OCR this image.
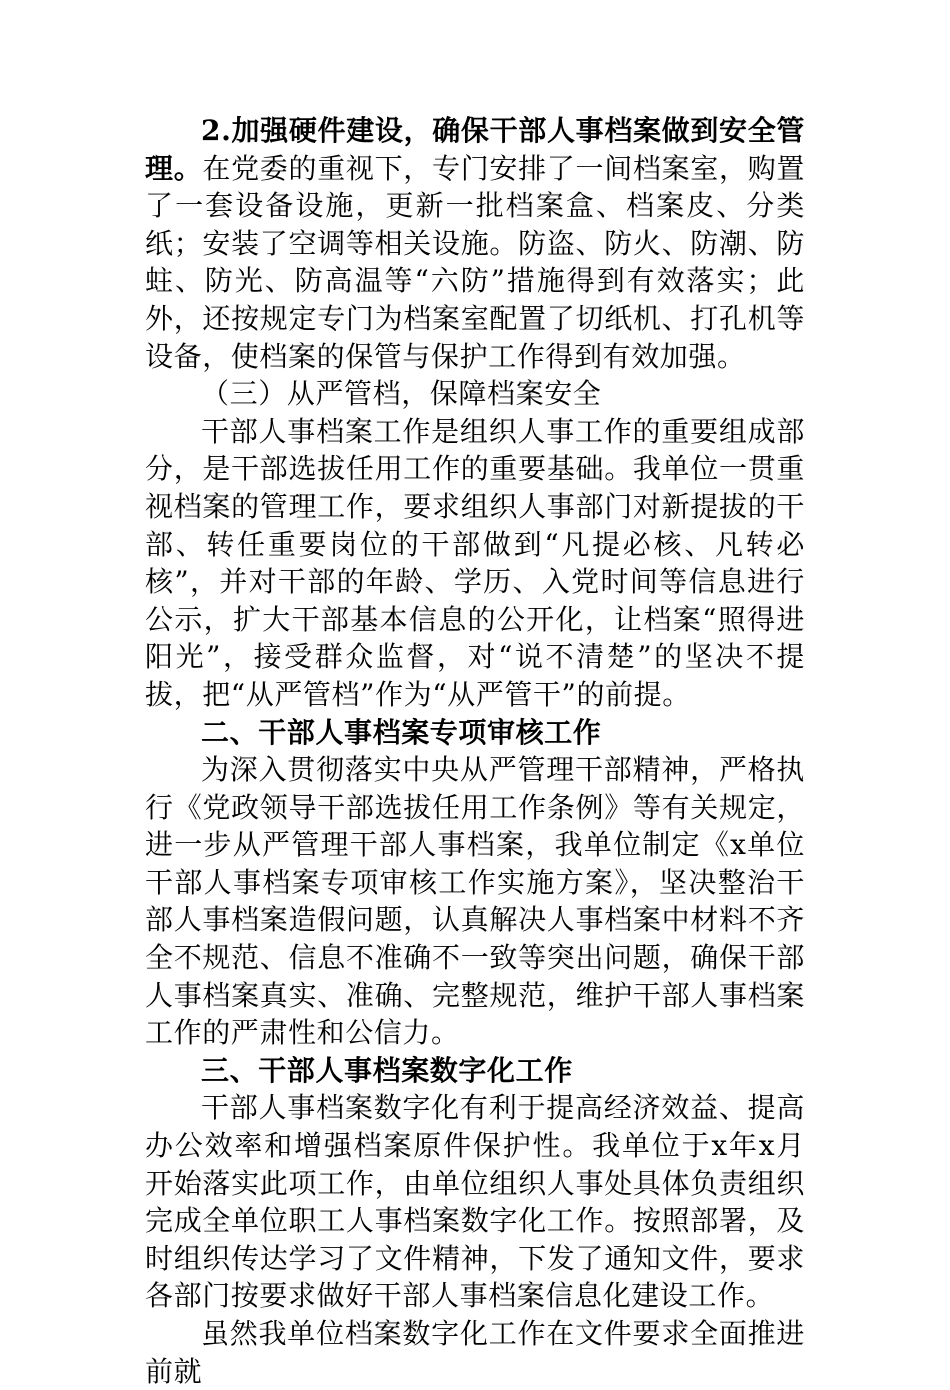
2.加强硬件建设，确保干部人事档案做到安全管理。在党委的重视下，专门安排了一间档案室，购置了一套设备设施，更新一批档案盒、档案皮、分类纸；安装了空调等相关设施。防盗、防火、防潮、防蛀、防光、防高温等“六防”措施得到有效落实；此外，还按规定专门为档案室配置了切纸机、打孔机等设备，使档案的保管与保护工作得到有效加强。

（三）从严管档，保障档案安全

干部人事档案工作是组织人事工作的重要组成部分，是干部选拔任用工作的重要基础。我单位一贯重视档案的管理工作，要求组织人事部门对新提拔的干部、转任重要岗位的干部做到“凡提必核、凡转必核”，并对干部的年龄、学历、入党时间等信息进行公示，扩大干部基本信息的公开化，让档案“照得进阳光”，接受群众监督，对“说不清楚”的坚决不提拔，把“从严管档”作为“从严管干”的前提。

二、干部人事档案专项审核工作

为深入贯彻落实中央从严管理干部精神，严格执行《党政领导干部选拔任用工作条例》等有关规定，进一步从严管理干部人事档案，我单位制定《x单位干部人事档案专项审核工作实施方案》，坚决整治干部人事档案造假问题，认真解决人事档案中材料不齐全不规范、信息不准确不一致等突出问题，确保干部人事档案真实、准确、完整规范，维护干部人事档案工作的严肃性和公信力。

三、干部人事档案数字化工作

干部人事档案数字化有利于提高经济效益、提高办公效率和增强档案原件保护性。我单位于x年x月开始落实此项工作，由单位组织人事处具体负责组织完成全单位职工人事档案数字化工作。按照部署，及时组织传达学习了文件精神，下发了通知文件，要求各部门按要求做好干部人事档案信息化建设工作。

虽然我单位档案数字化工作在文件要求全面推进前就
